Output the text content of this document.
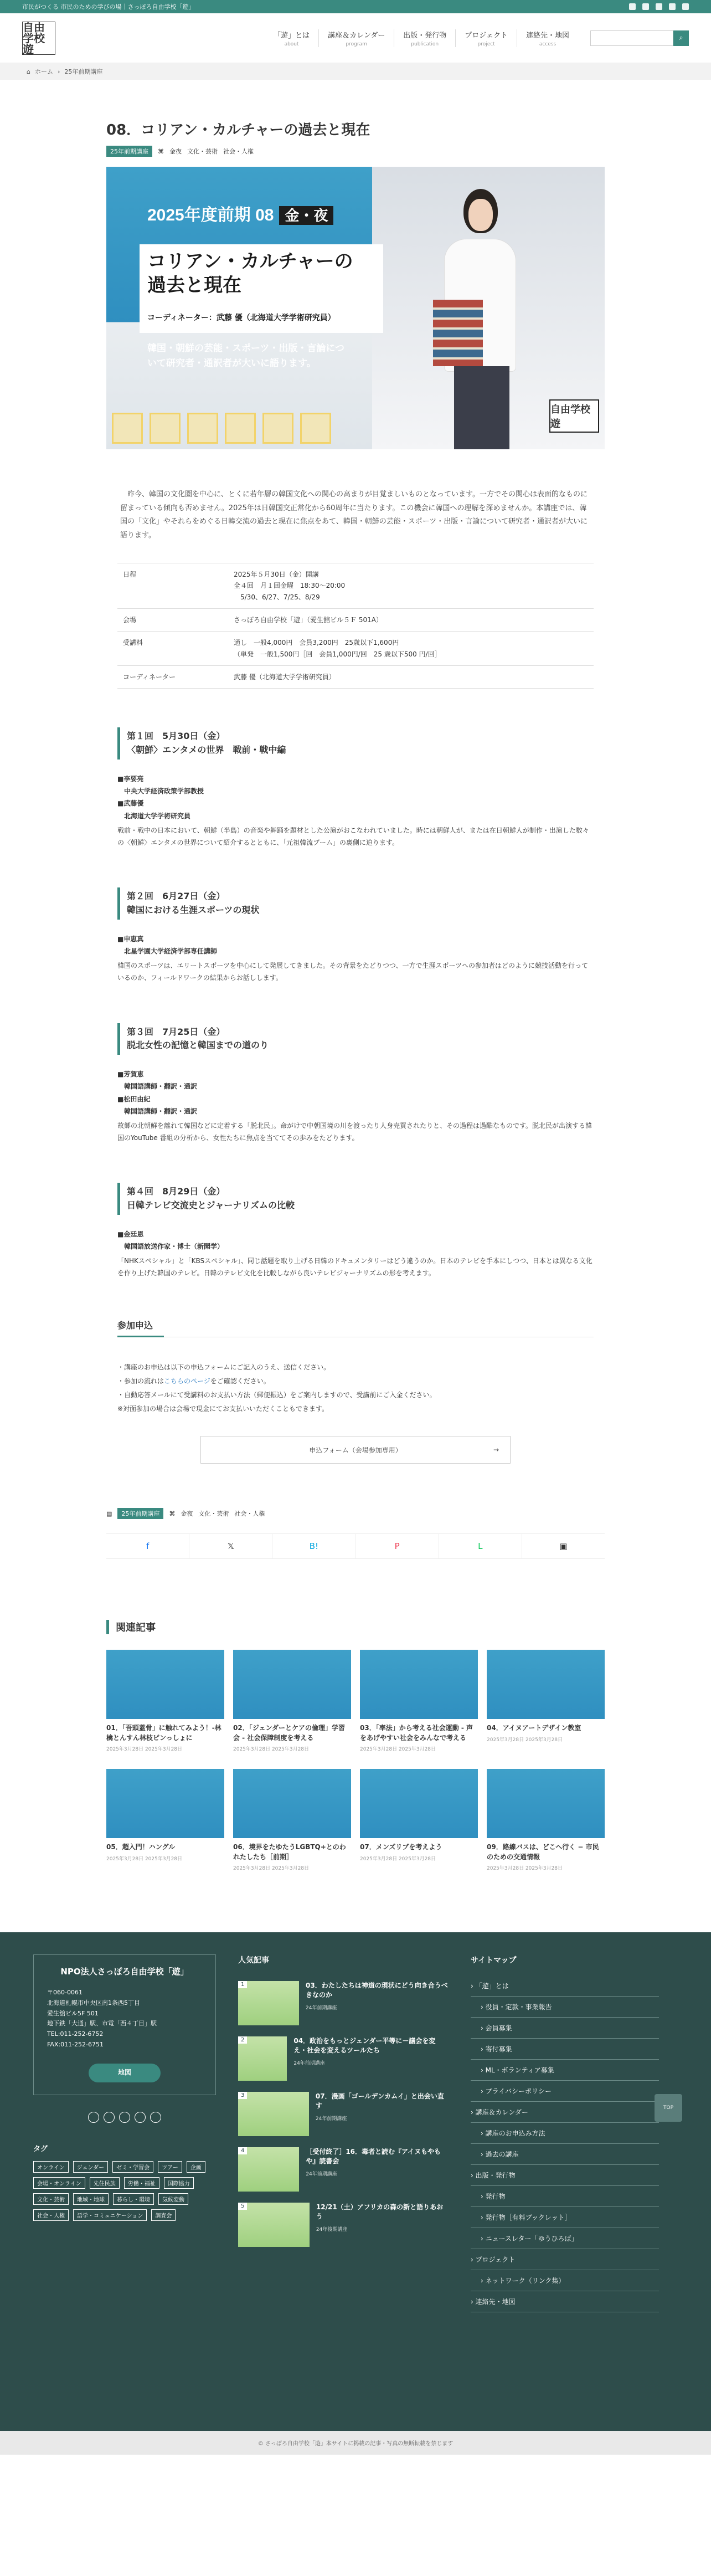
市民がつくる 市民のための学びの場｜さっぽろ自由学校「遊」
自由学校遊
「遊」とは
about
講座＆カレンダー
program
出版・発行物
publication
プロジェクト
project
連絡先・地図
access
⌕
⌂ ホーム › 25年前期講座
08．コリアン・カルチャーの過去と現在
25年前期講座	⌘ 金夜 文化・芸術 社会・人権
2025年度前期 08 金・夜
コリアン・カルチャーの
過去と現在
コーディネーター：武藤 優（北海道大学学術研究員）
韓国・朝鮮の芸能・スポーツ・出版・言論について研究者・通訳者が大いに語ります。
自由学校遊

　昨今、韓国の文化圏を中心に、とくに若年層の韓国文化への関心の高まりが目覚ましいものとなっています。一方でその関心は表面的なものに留まっている傾向も否めません。2025年は日韓国交正常化から60周年に当たります。この機会に韓国への理解を深めませんか。本講座では、韓国の「文化」やそれらをめぐる日韓交流の過去と現在に焦点をあて、韓国・朝鮮の芸能・スポーツ・出版・言論について研究者・通訳者が大いに語ります。

日程	2025年５月30日（金）開講
全４回　月１回金曜　18:30〜20:00
　5/30、6/27、7/25、8/29

会場	さっぽろ自由学校「遊」（愛生舘ビル５Ｆ 501A）

受講料	通し　一般4,000円　会員3,200円　25歳以下1,600円
（単発　一般1,500円［回　会員1,000円/回　25 歳以下500 円/回］

コーディネーター	武藤 優（北海道大学学術研究員）
第１回　5月30日（金）
〈朝鮮〉エンタメの世界　戦前・戦中編
■李要亮
中央大学経済政策学部教授
■武藤優
北海道大学学術研究員

戦前・戦中の日本において、朝鮮（半島）の音楽や舞踊を題材とした公演がおこなわれていました。時には朝鮮人が、または在日朝鮮人が制作・出演した数々の〈朝鮮〉エンタメの世界について紹介するとともに、「元祖韓流ブーム」の裏側に迫ります。

第２回　6月27日（金）
韓国における生涯スポーツの現状
■申恵真
北星学園大学経済学部専任講師

韓国のスポーツは、エリートスポーツを中心にして発展してきました。その背景をたどりつつ、一方で生涯スポーツへの参加者はどのように競技活動を行っているのか、フィールドワークの結果からお話しします。

第３回　7月25日（金）
脱北女性の記憶と韓国までの道のり
■芳賀恵
韓国語講師・翻訳・通訳
■松田由紀
韓国語講師・翻訳・通訳

故郷の北朝鮮を離れて韓国などに定着する「脱北民」。命がけで中朝国境の川を渡ったり人身売買されたりと、その過程は過酷なものです。脱北民が出演する韓国のYouTube 番組の分析から、女性たちに焦点を当ててその歩みをたどります。

第４回　8月29日（金）
日韓テレビ交流史とジャーナリズムの比較
■金廷恩
韓国語放送作家・博士（新聞学）

「NHKスペシャル」と「KBSスペシャル」、同じ話題を取り上げる日韓のドキュメンタリーはどう違うのか。日本のテレビを手本にしつつ、日本とは異なる文化を作り上げた韓国のテレビ。日韓のテレビ文化を比較しながら良いテレビジャーナリズムの形を考えます。

参加申込
・講座のお申込は以下の申込フォームにご記入のうえ、送信ください。
・参加の流れはこちらのページをご確認ください。
・自動応答メールにて受講料のお支払い方法（郵便振込）をご案内しますので、受講前にご入金ください。
※対面参加の場合は会場で現金にてお支払いいただくこともできます。
申込フォーム（会場参加専用）	→
▤	25年前期講座	⌘ 金夜 文化・芸術 社会・人権
f	𝕏	B!	P	L	▣
関連記事
01．「吾頭蓋骨」に触れてみよう！‐林檎とんすん林枝ピンっしょに
2025年3月28日 2025年3月28日
02．「ジェンダーとケアの倫理」学習会 - 社会保障制度を考える
2025年3月28日 2025年3月28日
03．「率法」から考える社会運動 - 声をあげやすい社会をみんなで考える
2025年3月28日 2025年3月28日
04．アイヌアートデザイン教室
2025年3月28日 2025年3月28日
05．超入門！ハングル
2025年3月28日 2025年3月28日
06．境界をたゆたうLGBTQ+とのわれたしたち［前期］
2025年3月28日 2025年3月28日
07．メンズリブを考えよう
2025年3月28日 2025年3月28日
09．路線バスは、どこへ行く − 市民のための交通情報
2025年3月28日 2025年3月28日
TOP
NPO法人さっぽろ自由学校「遊」
〒060-0061
北海道札幌市中央区南1条西5丁目
愛生舘ビル5F 501
地下鉄「大通」駅、市電「西４丁目」駅
TEL:011-252-6752
FAX:011-252-6751
地図
タグ
オンライン	ジェンダー	ゼミ・学習会	ツアー	企画
会場・オンライン	先住民族	労働・福祉	国際協力
文化・芸術	地域・地球	暮らし・環境	気候変動
社会・人権	語学・コミュニケーション	調査会
人気記事
1	03．わたしたちは神道の現状にどう向き合うべきなのか
24年前期講座
2	04．政治をもっとジェンダー平等に－議会を変え・社会を変えるツールたち
24年前期講座
3	07．漫画「ゴールデンカムイ」と出会い直す
24年前期講座
4	［受付終了］16．毒者と読む『アイヌもやもや』読書会
24年前期講座
5	12/21（土）アフリカの森の新と語りあおう
24年後期講座
サイトマップ
› 「遊」とは
› 役員・定款・事業報告
› 会員募集
› 寄付募集
› ML・ボランティア募集
› プライバシーポリシー
› 講座＆カレンダー
› 講座のお申込み方法
› 過去の講座
› 出版・発行物
› 発行物
› 発行物［有料ブックレット］
› ニュースレター「ゆうひろば」
› プロジェクト
› ネットワーク（リンク集）
› 連絡先・地図
© さっぽろ自由学校「遊」本サイトに掲載の記事・写真の無断転載を禁じます
